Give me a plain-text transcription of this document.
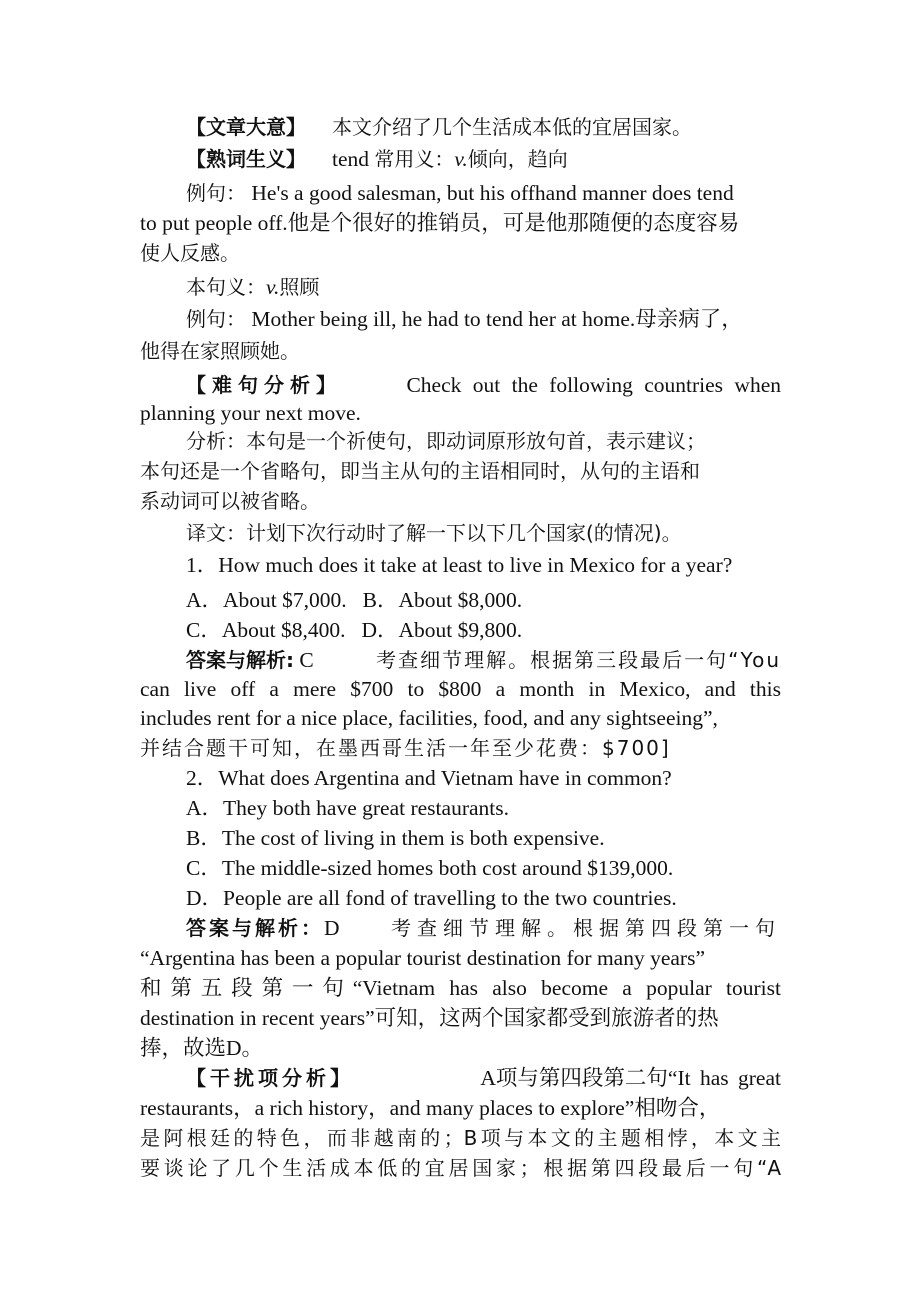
【文章大意】 本文介绍了几个生活成本低的宜居国家。
【熟词生义】 tend 常用义：v.倾向，趋向
例句： He's a good salesman, but his offhand manner does tend
to put people off.他是个很好的推销员，可是他那随便的态度容易
使人反感。
本句义：v.照顾
例句： Mother being ill, he had to tend her at home.母亲病了，
他得在家照顾她。
【难句分析】	Check out the following countries when
planning your next move.
分析：本句是一个祈使句，即动词原形放句首，表示建议；
本句还是一个省略句，即当主从句的主语相同时，从句的主语和
系动词可以被省略。
译文：计划下次行动时了解一下以下几个国家(的情况)。
1．How much does it take at least to live in Mexico for a year?
A．About $7,000. B．About $8,000.
C．About $8,400. D．About $9,800.
答案与解析: C	考查细节理解。根据第三段最后一句“You
can live off a mere $700 to $800 a month in Mexico, and this
includes rent for a nice place, facilities, food, and any sightseeing”,
并结合题干可知，在墨西哥生活一年至少花费：$700]
2．What does Argentina and Vietnam have in common?
A．They both have great restaurants.
B．The cost of living in them is both expensive.
C．The middle-sized homes both cost around $139,000.
D．People are all fond of travelling to the two countries.
答案与解析：D	考查细节理解。根据第四段第一句
“Argentina has been a popular tourist destination for many years”
和第五段第一句“Vietnam has also become a popular tourist
destination in recent years”可知，这两个国家都受到旅游者的热
捧，故选D。
【干扰项分析】	A项与第四段第二句“It has great
restaurants，a rich history，and many places to explore”相吻合，
是阿根廷的特色，而非越南的；B项与本文的主题相悖，本文主
要谈论了几个生活成本低的宜居国家；根据第四段最后一句“A
